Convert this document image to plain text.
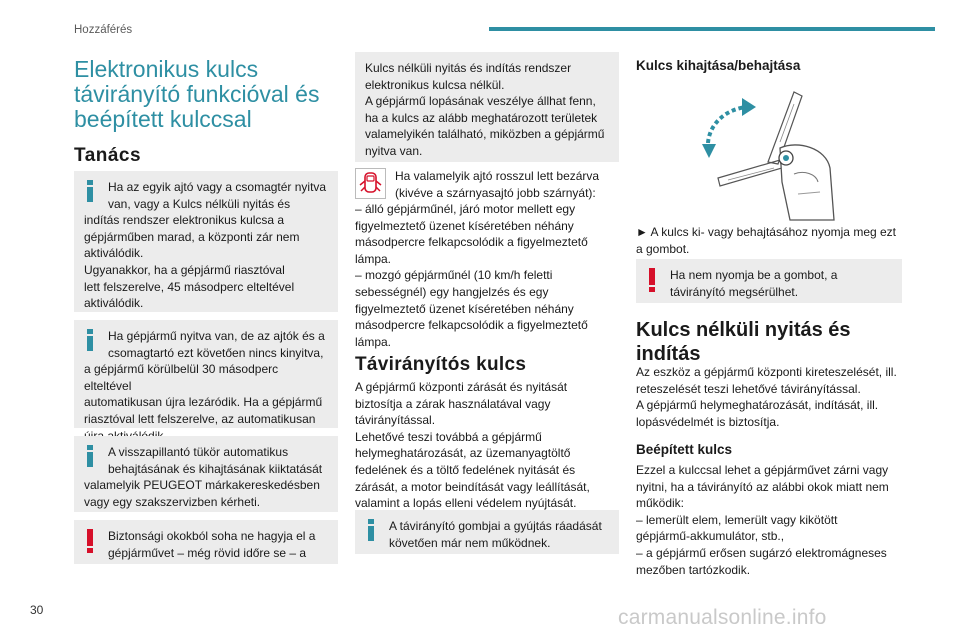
Hozzáférés
Elektronikus kulcs
távirányító funkcióval és
beépített kulccsal
Tanács
Ha az egyik ajtó vagy a csomagtér nyitva van, vagy a Kulcs nélküli nyitás és
indítás rendszer elektronikus kulcsa a
gépjárműben marad, a központi zár nem
aktiválódik.
Ugyanakkor, ha a gépjármű riasztóval
lett felszerelve, 45 másodperc elteltével
aktiválódik.
Ha gépjármű nyitva van, de az ajtók és a csomagtartó ezt követően nincs kinyitva,
a gépjármű körülbelül 30 másodperc elteltével
automatikusan újra lezáródik. Ha a gépjármű
riasztóval lett felszerelve, az automatikusan

A visszapillantó tükör automatikus behajtásának és kihajtásának kiiktatását
valamelyik PEUGEOT márkakereskedésben
vagy egy szakszervizben kérheti.
Biztonsági okokból soha ne hagyja el a gépjárművet – még rövid időre se – a
Kulcs nélküli nyitás és indítás rendszer
elektronikus kulcsa nélkül.
A gépjármű lopásának veszélye állhat fenn,
ha a kulcs az alább meghatározott területek
valamelyikén található, miközben a gépjármű
nyitva van.
Ha valamelyik ajtó rosszul lett bezárva (kivéve a szárnyasajtó jobb szárnyát):
– álló gépjárműnél, járó motor mellett egy
figyelmeztető üzenet kíséretében néhány
másodpercre felkapcsolódik a figyelmeztető
lámpa.
– mozgó gépjárműnél (10 km/h feletti
sebességnél) egy hangjelzés és egy
figyelmeztető üzenet kíséretében néhány
másodpercre felkapcsolódik a figyelmeztető
lámpa.
Távirányítós kulcs
A gépjármű központi zárását és nyitását
biztosítja a zárak használatával vagy
távirányítással.
Lehetővé teszi továbbá a gépjármű
helymeghatározását, az üzemanyagtöltő
fedelének és a töltő fedelének nyitását és
zárását, a motor beindítását vagy leállítását,
valamint a lopás elleni védelem nyújtását.
A távirányító gombjai a gyújtás ráadását követően már nem működnek.
Kulcs kihajtása/behajtása
► A kulcs ki- vagy behajtásához nyomja meg ezt
a gombot.
Ha nem nyomja be a gombot, a távirányító megsérülhet.
Kulcs nélküli nyitás és
indítás
Az eszköz a gépjármű központi kireteszelését, ill.
reteszelését teszi lehetővé távirányítással.
A gépjármű helymeghatározását, indítását, ill.
lopásvédelmét is biztosítja.
Beépített kulcs
Ezzel a kulccsal lehet a gépjárművet zárni vagy
nyitni, ha a távirányító az alábbi okok miatt nem
működik:
– lemerült elem, lemerült vagy kikötött
gépjármű-akkumulátor, stb.,
– a gépjármű erősen sugárzó elektromágneses
mezőben tartózkodik.
30	carmanualsonline.info
